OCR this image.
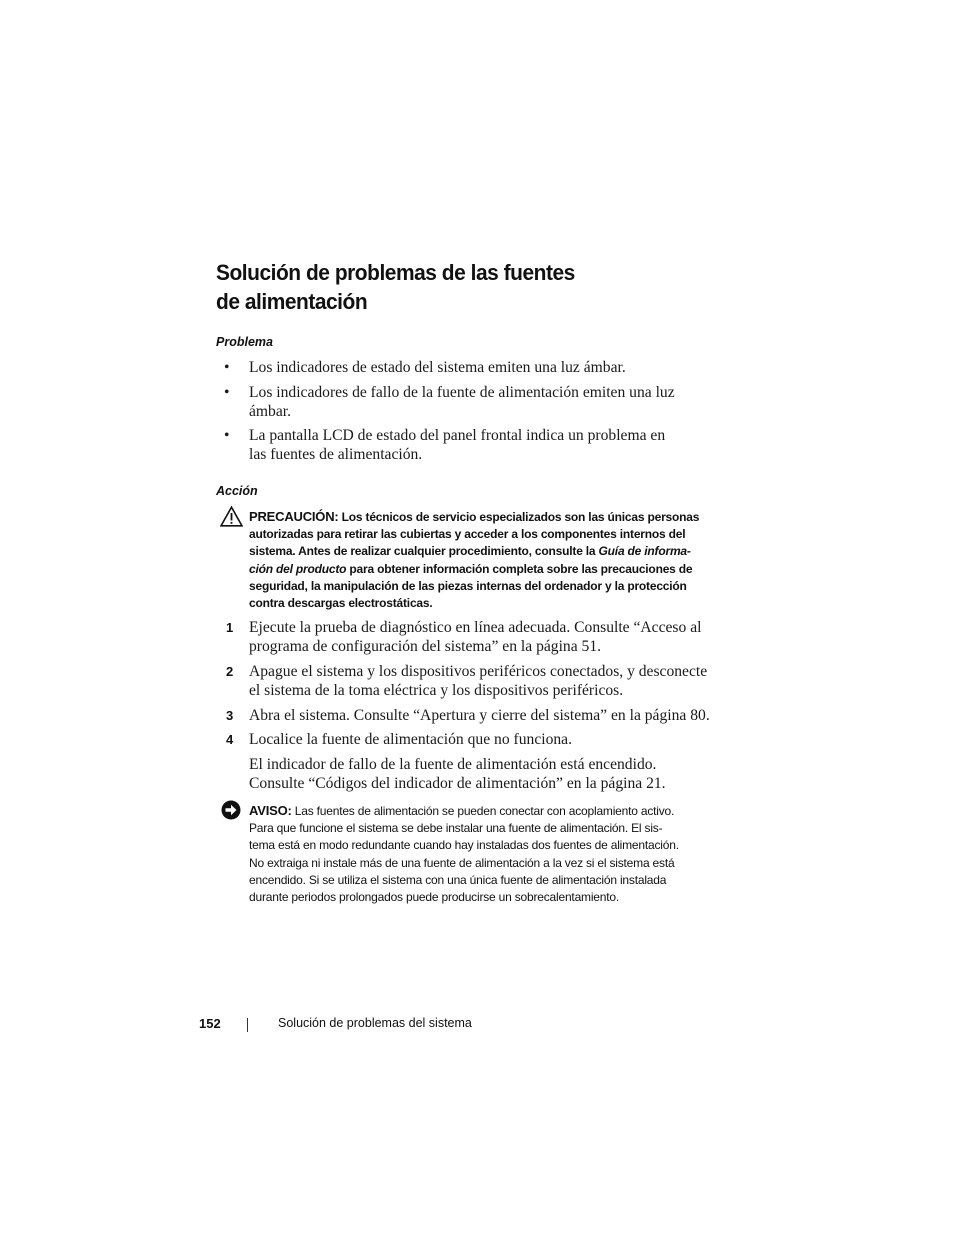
Solución de problemas de las fuentes
de alimentación
Problema
• Los indicadores de estado del sistema emiten una luz ámbar.
• Los indicadores de fallo de la fuente de alimentación emiten una luz
ámbar.
• La pantalla LCD de estado del panel frontal indica un problema en
las fuentes de alimentación.
Acción
PRECAUCIÓN: Los técnicos de servicio especializados son las únicas personas
autorizadas para retirar las cubiertas y acceder a los componentes internos del
sistema. Antes de realizar cualquier procedimiento, consulte la Guía de informa-
ción del producto para obtener información completa sobre las precauciones de
seguridad, la manipulación de las piezas internas del ordenador y la protección
contra descargas electrostáticas.
1 Ejecute la prueba de diagnóstico en línea adecuada. Consulte “Acceso al
programa de configuración del sistema” en la página 51.
2 Apague el sistema y los dispositivos periféricos conectados, y desconecte
el sistema de la toma eléctrica y los dispositivos periféricos.
3 Abra el sistema. Consulte “Apertura y cierre del sistema” en la página 80.
4 Localice la fuente de alimentación que no funciona.
El indicador de fallo de la fuente de alimentación está encendido.
Consulte “Códigos del indicador de alimentación” en la página 21.
AVISO: Las fuentes de alimentación se pueden conectar con acoplamiento activo.
Para que funcione el sistema se debe instalar una fuente de alimentación. El sis-
tema está en modo redundante cuando hay instaladas dos fuentes de alimentación.
No extraiga ni instale más de una fuente de alimentación a la vez si el sistema está
encendido. Si se utiliza el sistema con una única fuente de alimentación instalada
durante periodos prolongados puede producirse un sobrecalentamiento.
152	Solución de problemas del sistema
